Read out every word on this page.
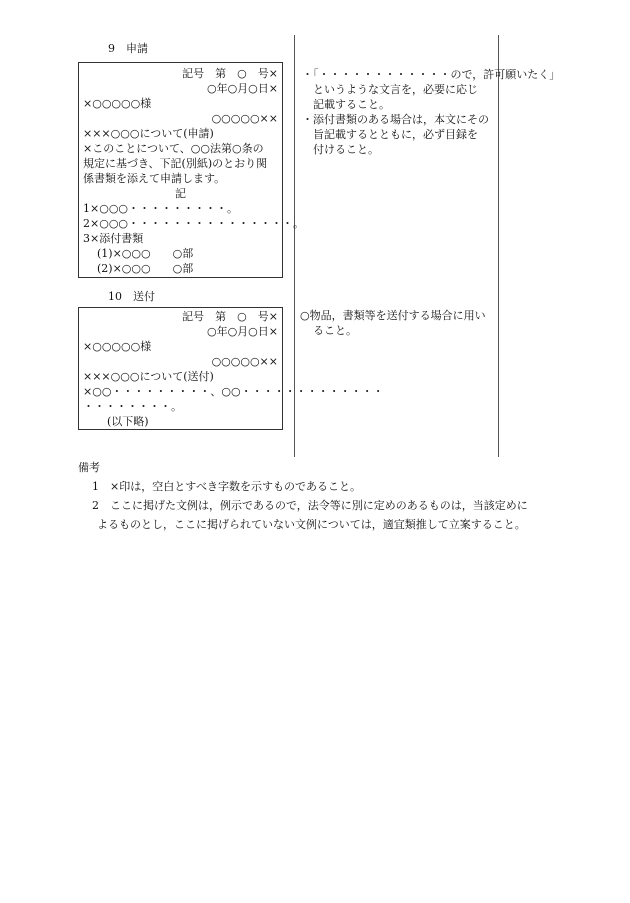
9　申請
記号　第　○　号×
○年○月○日×
×○○○○○様
○○○○○××
×××○○○について(申請)
×このことについて、○○法第○条の
規定に基づき、下記(別紙)のとおり関
係書類を添えて申請します。
記
1×○○○・・・・・・・・・。
2×○○○・・・・・・・・・・・・・・・。
3×添付書類
(1)×○○○　　○部
(2)×○○○　　○部
・「・・・・・・・・・・・・ので，許可願いたく」
というような文言を，必要に応じ
記載すること。
・添付書類のある場合は，本文にその
旨記載するとともに，必ず目録を
付けること。
10　送付
記号　第　○　号×
○年○月○日×
×○○○○○様
○○○○○××
×××○○○について(送付)
×○○・・・・・・・・・、○○・・・・・・・・・・・・・
・・・・・・・・。
(以下略)
○物品，書類等を送付する場合に用い
ること。
備考
1　×印は，空白とすべき字数を示すものであること。
2　ここに掲げた文例は，例示であるので，法令等に別に定めのあるものは，当該定めに
よるものとし，ここに掲げられていない文例については，適宜類推して立案すること。
